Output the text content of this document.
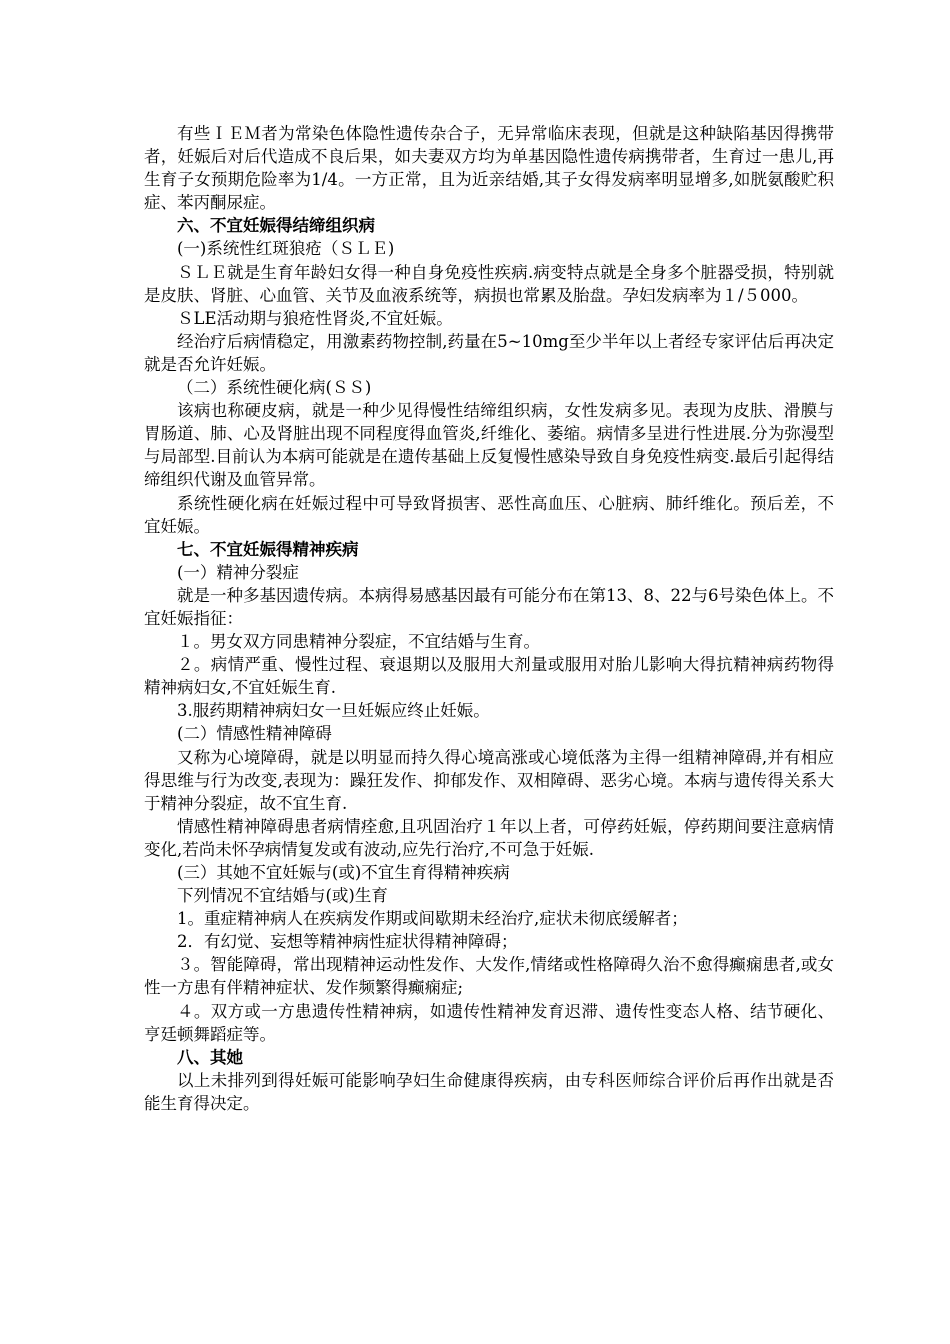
有些ＩＥＭ者为常染色体隐性遗传杂合子，无异常临床表现，但就是这种缺陷基因得携带者，妊娠后对后代造成不良后果，如夫妻双方均为单基因隐性遗传病携带者，生育过一患儿,再生育子女预期危险率为1/4。一方正常，且为近亲结婚,其子女得发病率明显增多,如胱氨酸贮积症、苯丙酮尿症。

六、不宜妊娠得结缔组织病

(一)系统性红斑狼疮（ＳＬＥ)

ＳＬＥ就是生育年龄妇女得一种自身免疫性疾病.病变特点就是全身多个脏器受损，特别就是皮肤、肾脏、心血管、关节及血液系统等，病损也常累及胎盘。孕妇发病率为１/５000。

ＳLE活动期与狼疮性肾炎,不宜妊娠。

经治疗后病情稳定，用激素药物控制,药量在5~10mg至少半年以上者经专家评估后再决定就是否允许妊娠。

（二）系统性硬化病(ＳＳ)

该病也称硬皮病，就是一种少见得慢性结缔组织病，女性发病多见。表现为皮肤、滑膜与胃肠道、肺、心及肾脏出现不同程度得血管炎,纤维化、萎缩。病情多呈进行性进展.分为弥漫型与局部型.目前认为本病可能就是在遗传基础上反复慢性感染导致自身免疫性病变.最后引起得结缔组织代谢及血管异常。

系统性硬化病在妊娠过程中可导致肾损害、恶性高血压、心脏病、肺纤维化。预后差，不宜妊娠。

七、不宜妊娠得精神疾病

(一）精神分裂症

就是一种多基因遗传病。本病得易感基因最有可能分布在第13、8、22与6号染色体上。不宜妊娠指征：

１。男女双方同患精神分裂症，不宜结婚与生育。

２。病情严重、慢性过程、衰退期以及服用大剂量或服用对胎儿影响大得抗精神病药物得精神病妇女,不宜妊娠生育.

3.服药期精神病妇女一旦妊娠应终止妊娠。

(二）情感性精神障碍

又称为心境障碍，就是以明显而持久得心境高涨或心境低落为主得一组精神障碍,并有相应得思维与行为改变,表现为：躁狂发作、抑郁发作、双相障碍、恶劣心境。本病与遗传得关系大于精神分裂症，故不宜生育.

情感性精神障碍患者病情痊愈,且巩固治疗１年以上者，可停药妊娠，停药期间要注意病情变化,若尚未怀孕病情复发或有波动,应先行治疗,不可急于妊娠.

(三）其她不宜妊娠与(或)不宜生育得精神疾病

下列情况不宜结婚与(或)生育

1。重症精神病人在疾病发作期或间歇期未经治疗,症状未彻底缓解者；

2．有幻觉、妄想等精神病性症状得精神障碍；

３。智能障碍，常出现精神运动性发作、大发作,情绪或性格障碍久治不愈得癫痫患者,或女性一方患有伴精神症状、发作频繁得癫痫症;

４。双方或一方患遗传性精神病，如遗传性精神发育迟滞、遗传性变态人格、结节硬化、亨廷顿舞蹈症等。

八、其她

以上未排列到得妊娠可能影响孕妇生命健康得疾病，由专科医师综合评价后再作出就是否能生育得决定。
